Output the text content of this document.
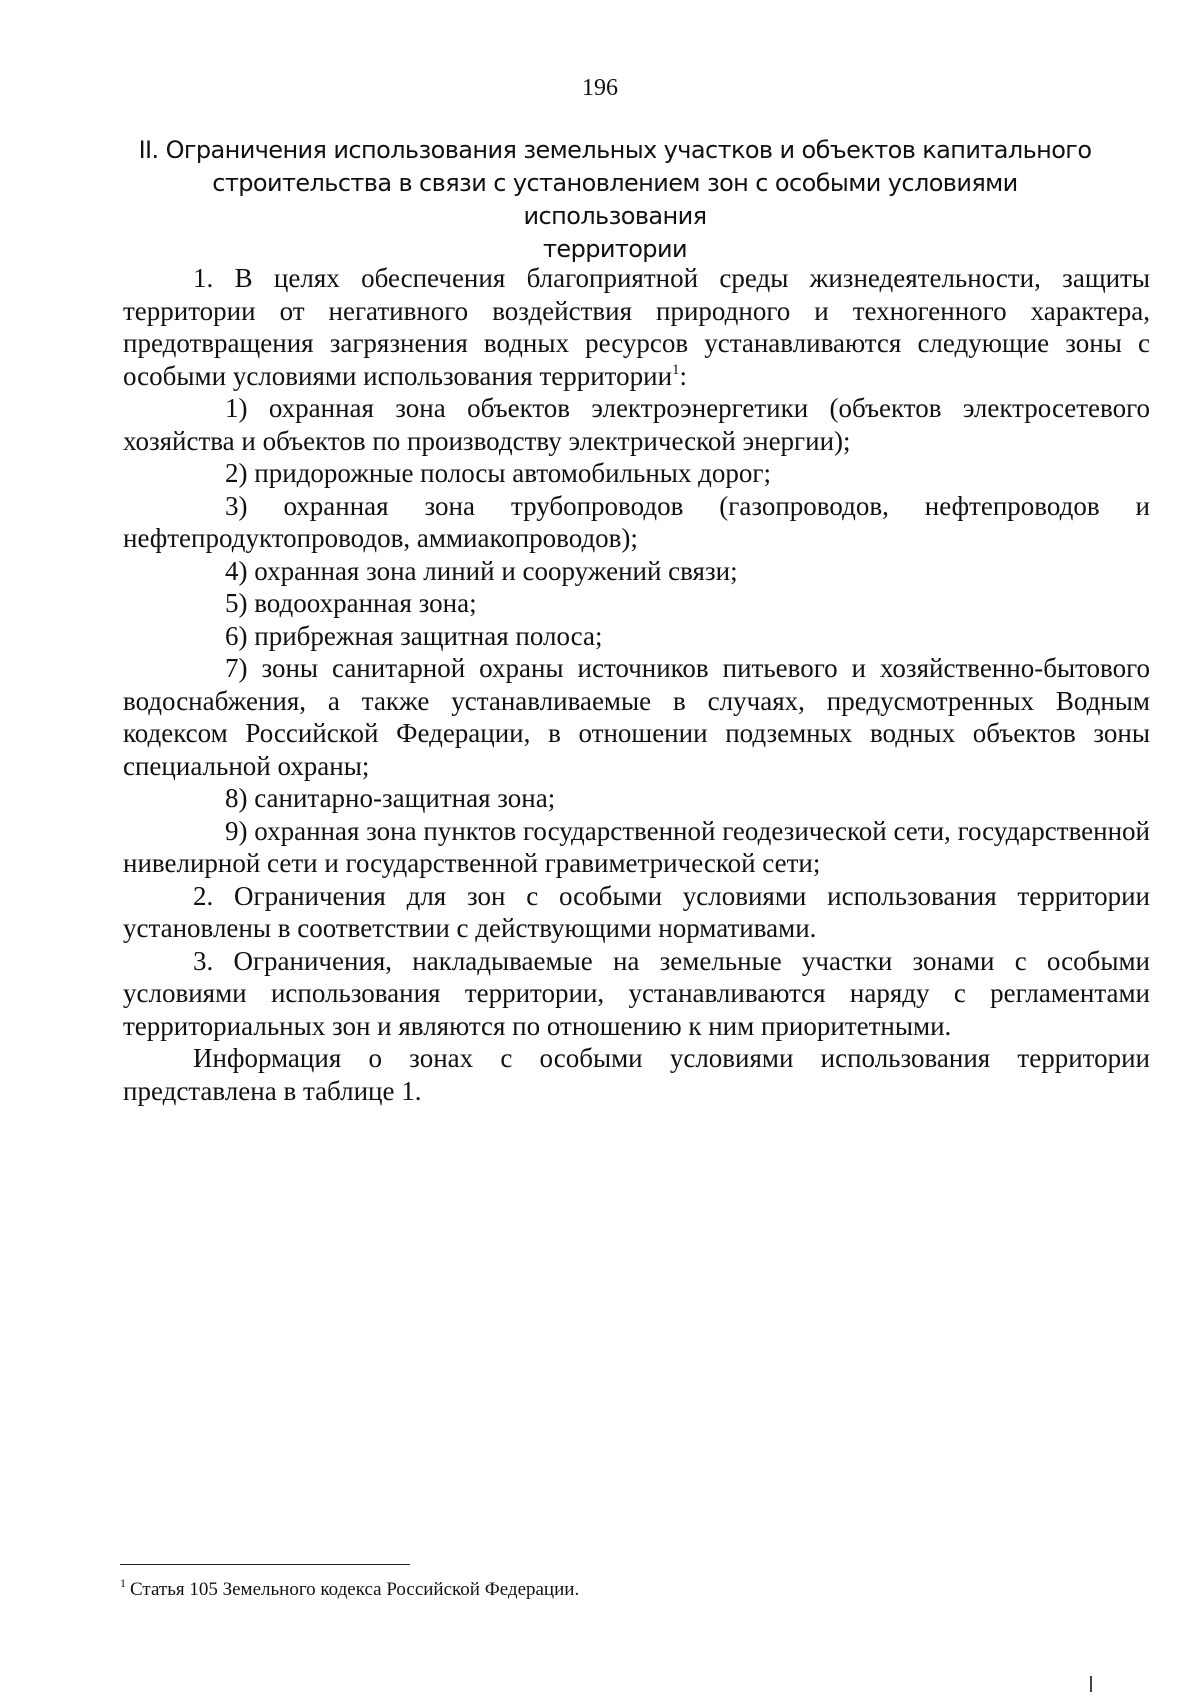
196

II. Ограничения использования земельных участков и объектов капитального

строительства в связи с установлением зон с особыми условиями использования

территории

1. В целях обеспечения благоприятной среды жизнедеятельности, защиты территории от негативного воздействия природного и техногенного характера, предотвращения загрязнения водных ресурсов устанавливаются следующие зоны с особыми условиями использования территории$^1$:

1) охранная зона объектов электроэнергетики (объектов электросетевого хозяйства и объектов по производству электрической энергии);

2) придорожные полосы автомобильных дорог;

3) охранная зона трубопроводов (газопроводов, нефтепроводов и нефтепродуктопроводов, аммиакопроводов);

4) охранная зона линий и сооружений связи;

5) водоохранная зона;

6) прибрежная защитная полоса;

7) зоны санитарной охраны источников питьевого и хозяйственно-бытового водоснабжения, а также устанавливаемые в случаях, предусмотренных Водным кодексом Российской Федерации, в отношении подземных водных объектов зоны специальной охраны;

8) санитарно-защитная зона;

9) охранная зона пунктов государственной геодезической сети, государственной нивелирной сети и государственной гравиметрической сети;

2. Ограничения для зон с особыми условиями использования территории установлены в соответствии с действующими нормативами.

3. Ограничения, накладываемые на земельные участки зонами с особыми условиями использования территории, устанавливаются наряду с регламентами территориальных зон и являются по отношению к ним приоритетными.

Информация о зонах с особыми условиями использования территории представлена в таблице 1.

$^1$ Статья 105 Земельного кодекса Российской Федерации.
